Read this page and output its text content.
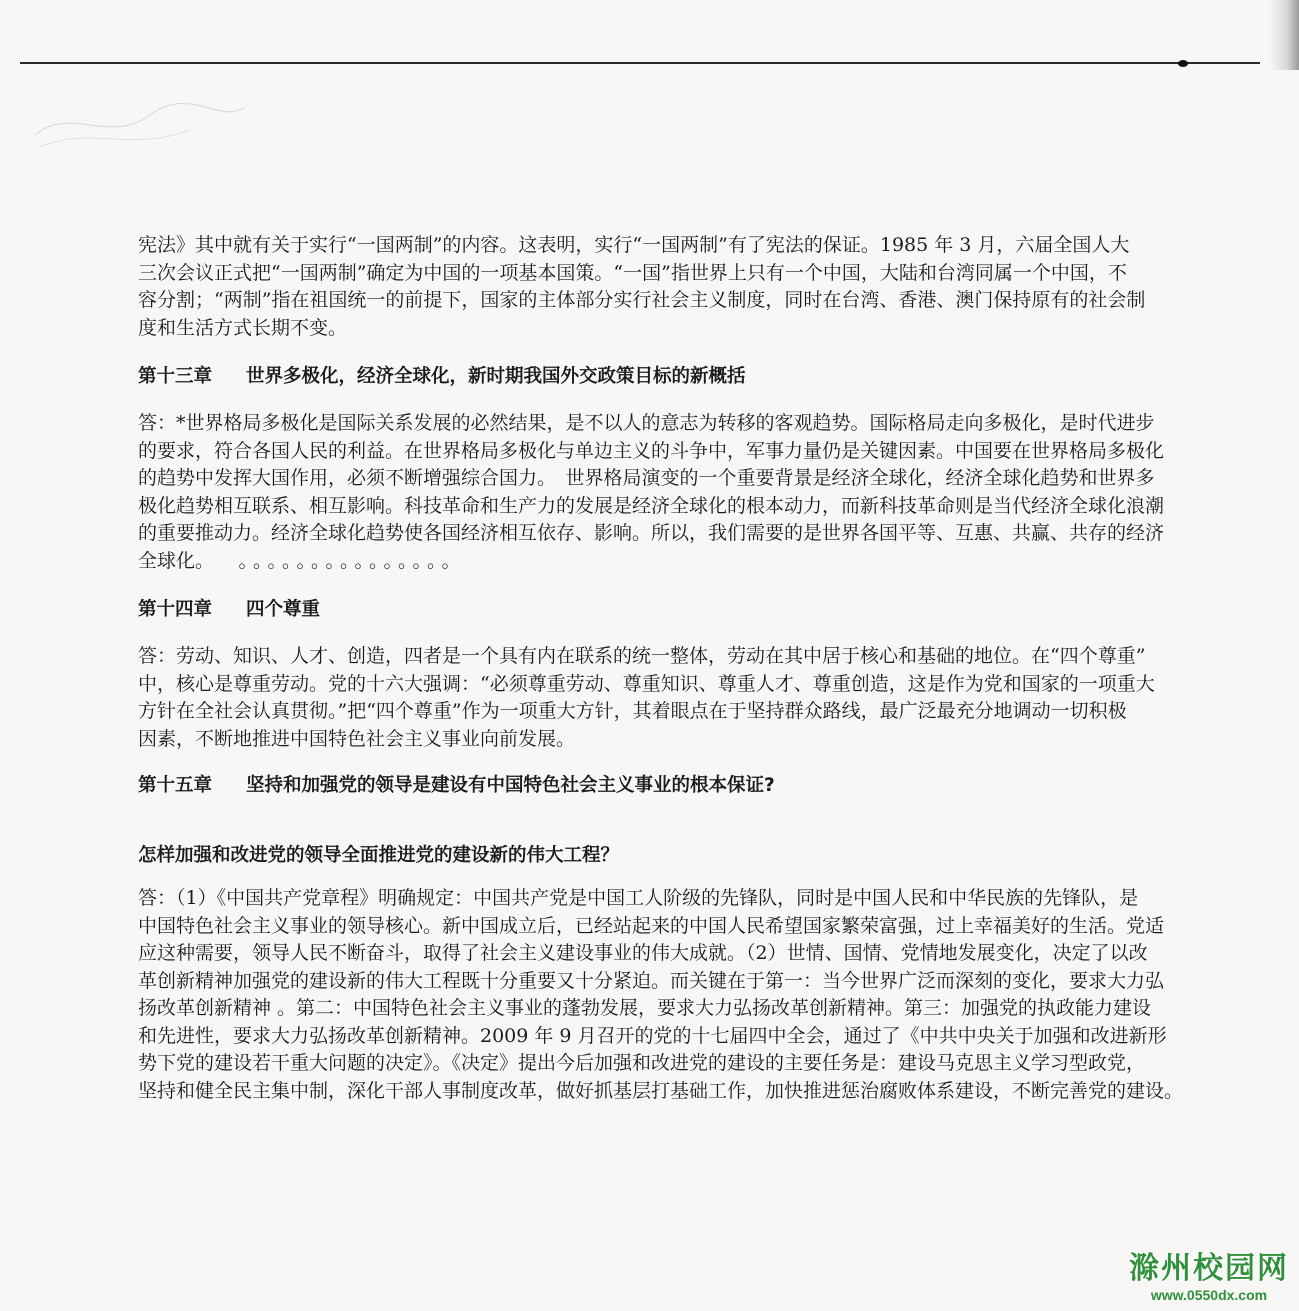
宪法》其中就有关于实行“一国两制”的内容。这表明，实行“一国两制”有了宪法的保证。1985 年 3 月，六届全国人大
三次会议正式把“一国两制”确定为中国的一项基本国策。“一国”指世界上只有一个中国，大陆和台湾同属一个中国，不
容分割；“两制”指在祖国统一的前提下，国家的主体部分实行社会主义制度，同时在台湾、香港、澳门保持原有的社会制
度和生活方式长期不变。

第十三章 世界多极化，经济全球化，新时期我国外交政策目标的新概括

答：*世界格局多极化是国际关系发展的必然结果，是不以人的意志为转移的客观趋势。国际格局走向多极化，是时代进步
的要求，符合各国人民的利益。在世界格局多极化与单边主义的斗争中，军事力量仍是关键因素。中国要在世界格局多极化
的趋势中发挥大国作用，必须不断增强综合国力。　世界格局演变的一个重要背景是经济全球化，经济全球化趋势和世界多
极化趋势相互联系、相互影响。科技革命和生产力的发展是经济全球化的根本动力，而新科技革命则是当代经济全球化浪潮
的重要推动力。经济全球化趋势使各国经济相互依存、影响。所以，我们需要的是世界各国平等、互惠、共赢、共存的经济
全球化。 。。。。。。。。。。。。。。。

第十四章 四个尊重

答：劳动、知识、人才、创造，四者是一个具有内在联系的统一整体，劳动在其中居于核心和基础的地位。在“四个尊重”
中，核心是尊重劳动。党的十六大强调：“必须尊重劳动、尊重知识、尊重人才、尊重创造，这是作为党和国家的一项重大
方针在全社会认真贯彻。”把“四个尊重”作为一项重大方针，其着眼点在于坚持群众路线，最广泛最充分地调动一切积极
因素，不断地推进中国特色社会主义事业向前发展。

第十五章 坚持和加强党的领导是建设有中国特色社会主义事业的根本保证?
怎样加强和改进党的领导全面推进党的建设新的伟大工程？

答：（1）《中国共产党章程》明确规定：中国共产党是中国工人阶级的先锋队，同时是中国人民和中华民族的先锋队，是
中国特色社会主义事业的领导核心。新中国成立后，已经站起来的中国人民希望国家繁荣富强，过上幸福美好的生活。党适
应这种需要，领导人民不断奋斗，取得了社会主义建设事业的伟大成就。（2）世情、国情、党情地发展变化，决定了以改
革创新精神加强党的建设新的伟大工程既十分重要又十分紧迫。而关键在于第一：当今世界广泛而深刻的变化，要求大力弘
扬改革创新精神 。第二：中国特色社会主义事业的蓬勃发展，要求大力弘扬改革创新精神。第三：加强党的执政能力建设
和先进性，要求大力弘扬改革创新精神。2009 年 9 月召开的党的十七届四中全会，通过了《中共中央关于加强和改进新形
势下党的建设若干重大问题的决定》。《决定》提出今后加强和改进党的建设的主要任务是：建设马克思主义学习型政党，
坚持和健全民主集中制，深化干部人事制度改革，做好抓基层打基础工作，加快推进惩治腐败体系建设，不断完善党的建设。

滁州校园网
www.0550dx.com
